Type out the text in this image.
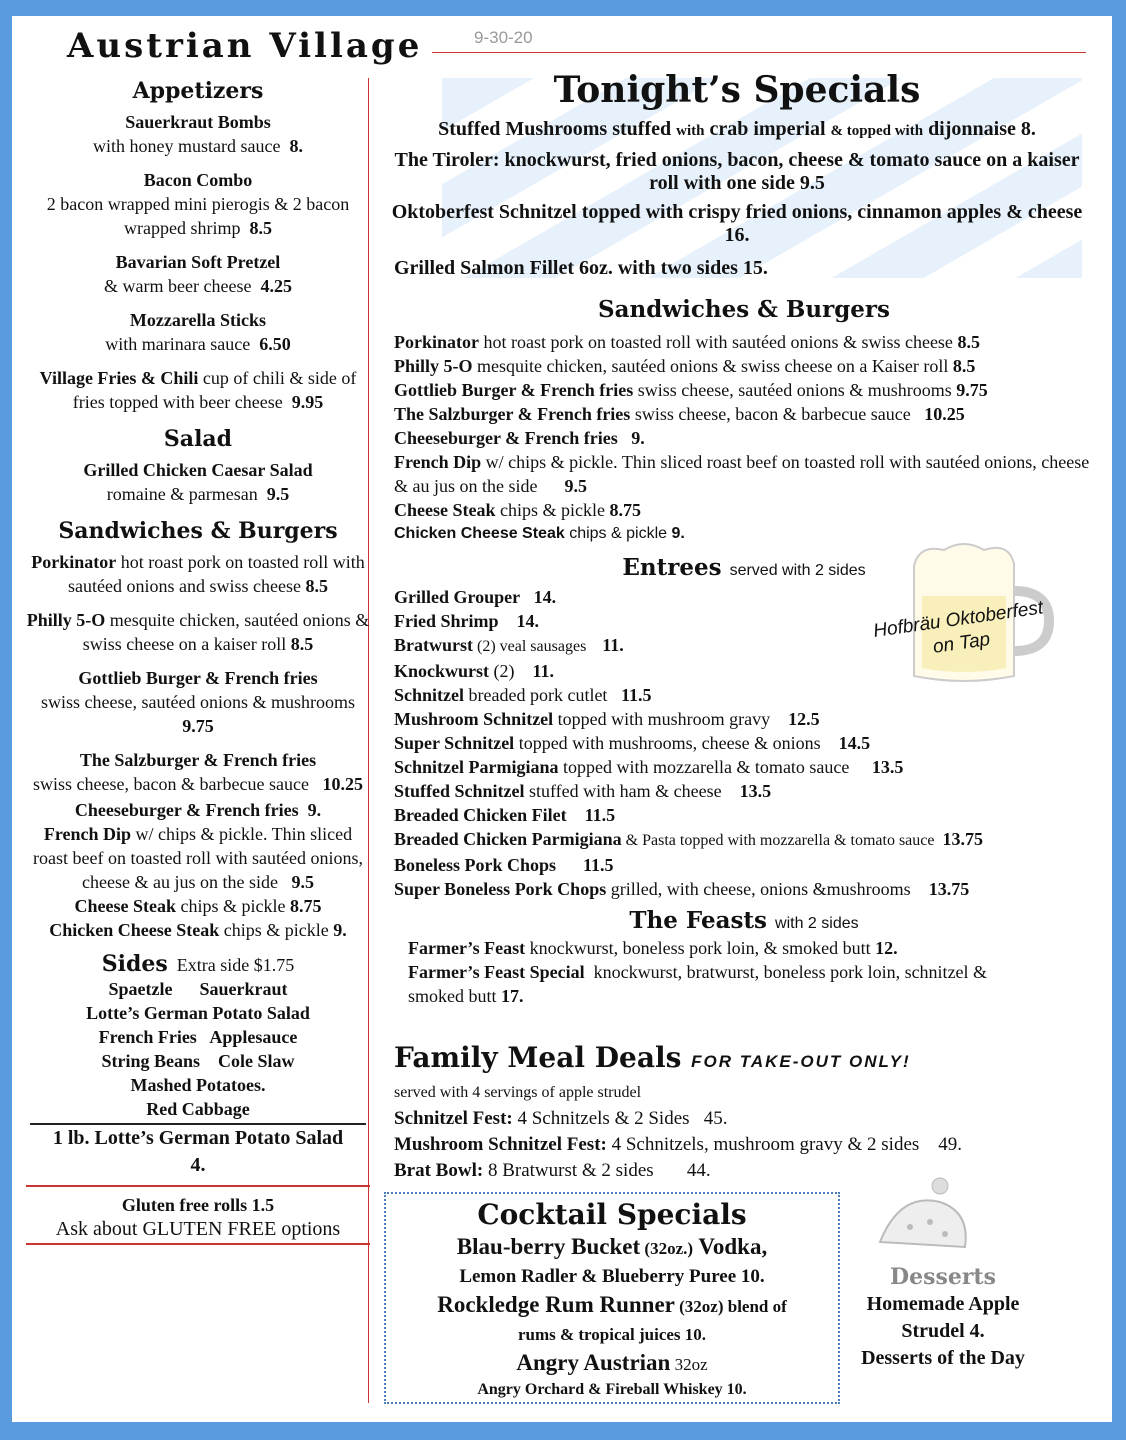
Austrian Village	9-30-20
Appetizers
Sauerkraut Bombs
with honey mustard sauce 8.
Bacon Combo
2 bacon wrapped mini pierogis & 2 bacon wrapped shrimp 8.5
Bavarian Soft Pretzel
& warm beer cheese 4.25
Mozzarella Sticks
with marinara sauce 6.50
Village Fries & Chili cup of chili & side of fries topped with beer cheese 9.95
Salad
Grilled Chicken Caesar Salad
romaine & parmesan 9.5
Sandwiches & Burgers
Porkinator hot roast pork on toasted roll with sautéed onions and swiss cheese 8.5
Philly 5-O mesquite chicken, sautéed onions & swiss cheese on a kaiser roll 8.5
Gottlieb Burger & French fries
swiss cheese, sautéed onions & mushrooms 9.75
The Salzburger & French fries
swiss cheese, bacon & barbecue sauce 10.25
Cheeseburger & French fries 9.
French Dip w/ chips & pickle. Thin sliced roast beef on toasted roll with sautéed onions, cheese & au jus on the side 9.5
Cheese Steak chips & pickle 8.75
Chicken Cheese Steak chips & pickle 9.
Sides Extra side $1.75
Spaetzle      Sauerkraut
Lotte’s German Potato Salad
French Fries   Applesauce
String Beans    Cole Slaw
Mashed Potatoes.
Red Cabbage
1 lb. Lotte’s German Potato Salad 4.
Gluten free rolls 1.5
Ask about GLUTEN FREE options
Tonight’s Specials
Stuffed Mushrooms stuffed with crab imperial & topped with dijonnaise 8.
The Tiroler: knockwurst, fried onions, bacon, cheese & tomato sauce on a kaiser roll with one side 9.5
Oktoberfest Schnitzel topped with crispy fried onions, cinnamon apples & cheese 16.
Grilled Salmon Fillet 6oz. with two sides 15.
Sandwiches & Burgers
Porkinator hot roast pork on toasted roll with sautéed onions & swiss cheese 8.5
Philly 5-O mesquite chicken, sautéed onions & swiss cheese on a Kaiser roll 8.5
Gottlieb Burger & French fries swiss cheese, sautéed onions & mushrooms 9.75
The Salzburger & French fries swiss cheese, bacon & barbecue sauce   10.25
Cheeseburger & French fries 9.
French Dip w/ chips & pickle. Thin sliced roast beef on toasted roll with sautéed onions, cheese & au jus on the side      9.5
Cheese Steak chips & pickle 8.75
Chicken Cheese Steak chips & pickle 9.
Entrees served with 2 sides
Grilled Grouper 14.
Fried Shrimp 14.
Bratwurst (2) veal sausages    11.
Knockwurst (2)    11.
Schnitzel breaded pork cutlet   11.5
Mushroom Schnitzel topped with mushroom gravy    12.5
Super Schnitzel topped with mushrooms, cheese & onions    14.5
Schnitzel Parmigiana topped with mozzarella & tomato sauce     13.5
Stuffed Schnitzel stuffed with ham & cheese    13.5
Breaded Chicken Filet 11.5
Breaded Chicken Parmigiana & Pasta topped with mozzarella & tomato sauce  13.75
Boneless Pork Chops 11.5
Super Boneless Pork Chops grilled, with cheese, onions &mushrooms    13.75
The Feasts with 2 sides
Farmer’s Feast knockwurst, boneless pork loin, & smoked butt 12.
Farmer’s Feast Special  knockwurst, bratwurst, boneless pork loin, schnitzel & smoked butt 17.
Hofbräu Oktoberfest on Tap
Family Meal Deals FOR TAKE-OUT ONLY!
served with 4 servings of apple strudel
Schnitzel Fest: 4 Schnitzels & 2 Sides   45.
Mushroom Schnitzel Fest: 4 Schnitzels, mushroom gravy & 2 sides    49.
Brat Bowl: 8 Bratwurst & 2 sides       44.
Cocktail Specials
Blau-berry Bucket (32oz.) Vodka,
Lemon Radler & Blueberry Puree 10.
Rockledge Rum Runner (32oz) blend of
rums & tropical juices 10.
Angry Austrian 32oz
Angry Orchard & Fireball Whiskey 10.
Desserts
Homemade Apple Strudel 4.
Desserts of the Day
